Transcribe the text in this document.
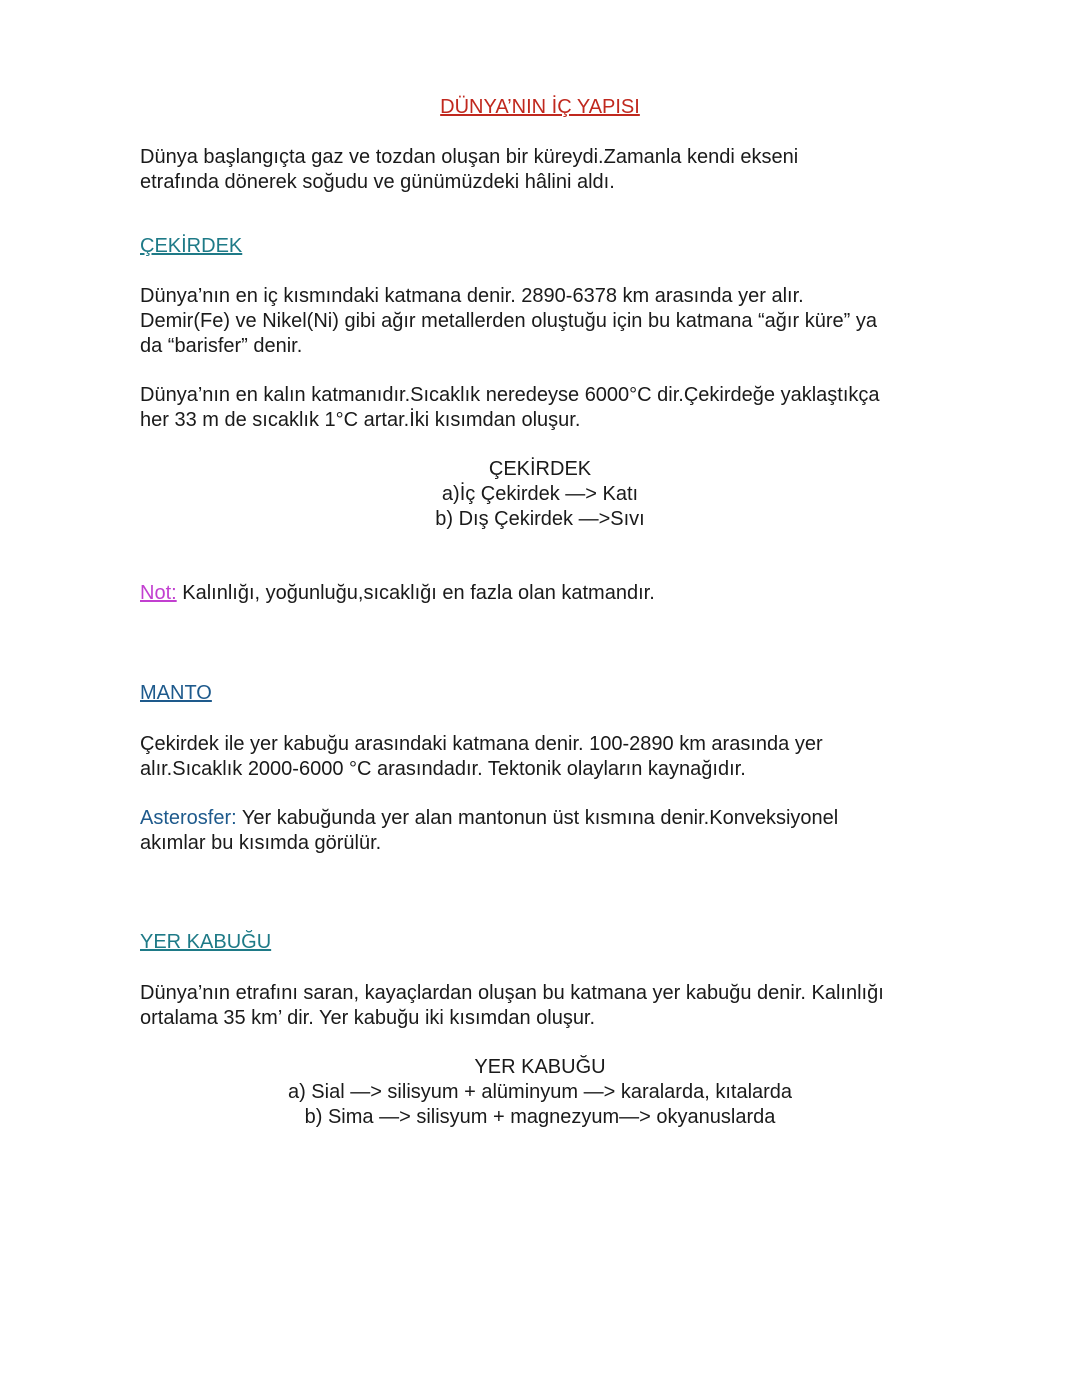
DÜNYA’NIN İÇ YAPISI
Dünya başlangıçta gaz ve tozdan oluşan bir küreydi.Zamanla kendi ekseni
etrafında dönerek soğudu ve günümüzdeki hâlini aldı.
ÇEKİRDEK
Dünya’nın en iç kısmındaki katmana denir. 2890-6378 km arasında yer alır.
Demir(Fe) ve Nikel(Ni) gibi ağır metallerden oluştuğu için bu katmana “ağır küre” ya
da “barisfer” denir.
Dünya’nın en kalın katmanıdır.Sıcaklık neredeyse 6000°C dir.Çekirdeğe yaklaştıkça
her 33 m de sıcaklık 1°C artar.İki kısımdan oluşur.
ÇEKİRDEK
a)İç Çekirdek —> Katı
b) Dış Çekirdek —>Sıvı
Not: Kalınlığı, yoğunluğu,sıcaklığı en fazla olan katmandır.
MANTO
Çekirdek ile yer kabuğu arasındaki katmana denir. 100-2890 km arasında yer
alır.Sıcaklık 2000-6000 °C arasındadır. Tektonik olayların kaynağıdır.
Asterosfer: Yer kabuğunda yer alan mantonun üst kısmına denir.Konveksiyonel
akımlar bu kısımda görülür.
YER KABUĞU
Dünya’nın etrafını saran, kayaçlardan oluşan bu katmana yer kabuğu denir. Kalınlığı
ortalama 35 km’ dir. Yer kabuğu iki kısımdan oluşur.
YER KABUĞU
a) Sial —> silisyum + alüminyum —> karalarda, kıtalarda
b) Sima —> silisyum + magnezyum—> okyanuslarda
Dünya başlangıçta gaz ve tozdan oluşan bir küreydi.Zamanla kendi ekseni etrafında dönerek soğudu ve günümüzdeki hâlini aldı.
